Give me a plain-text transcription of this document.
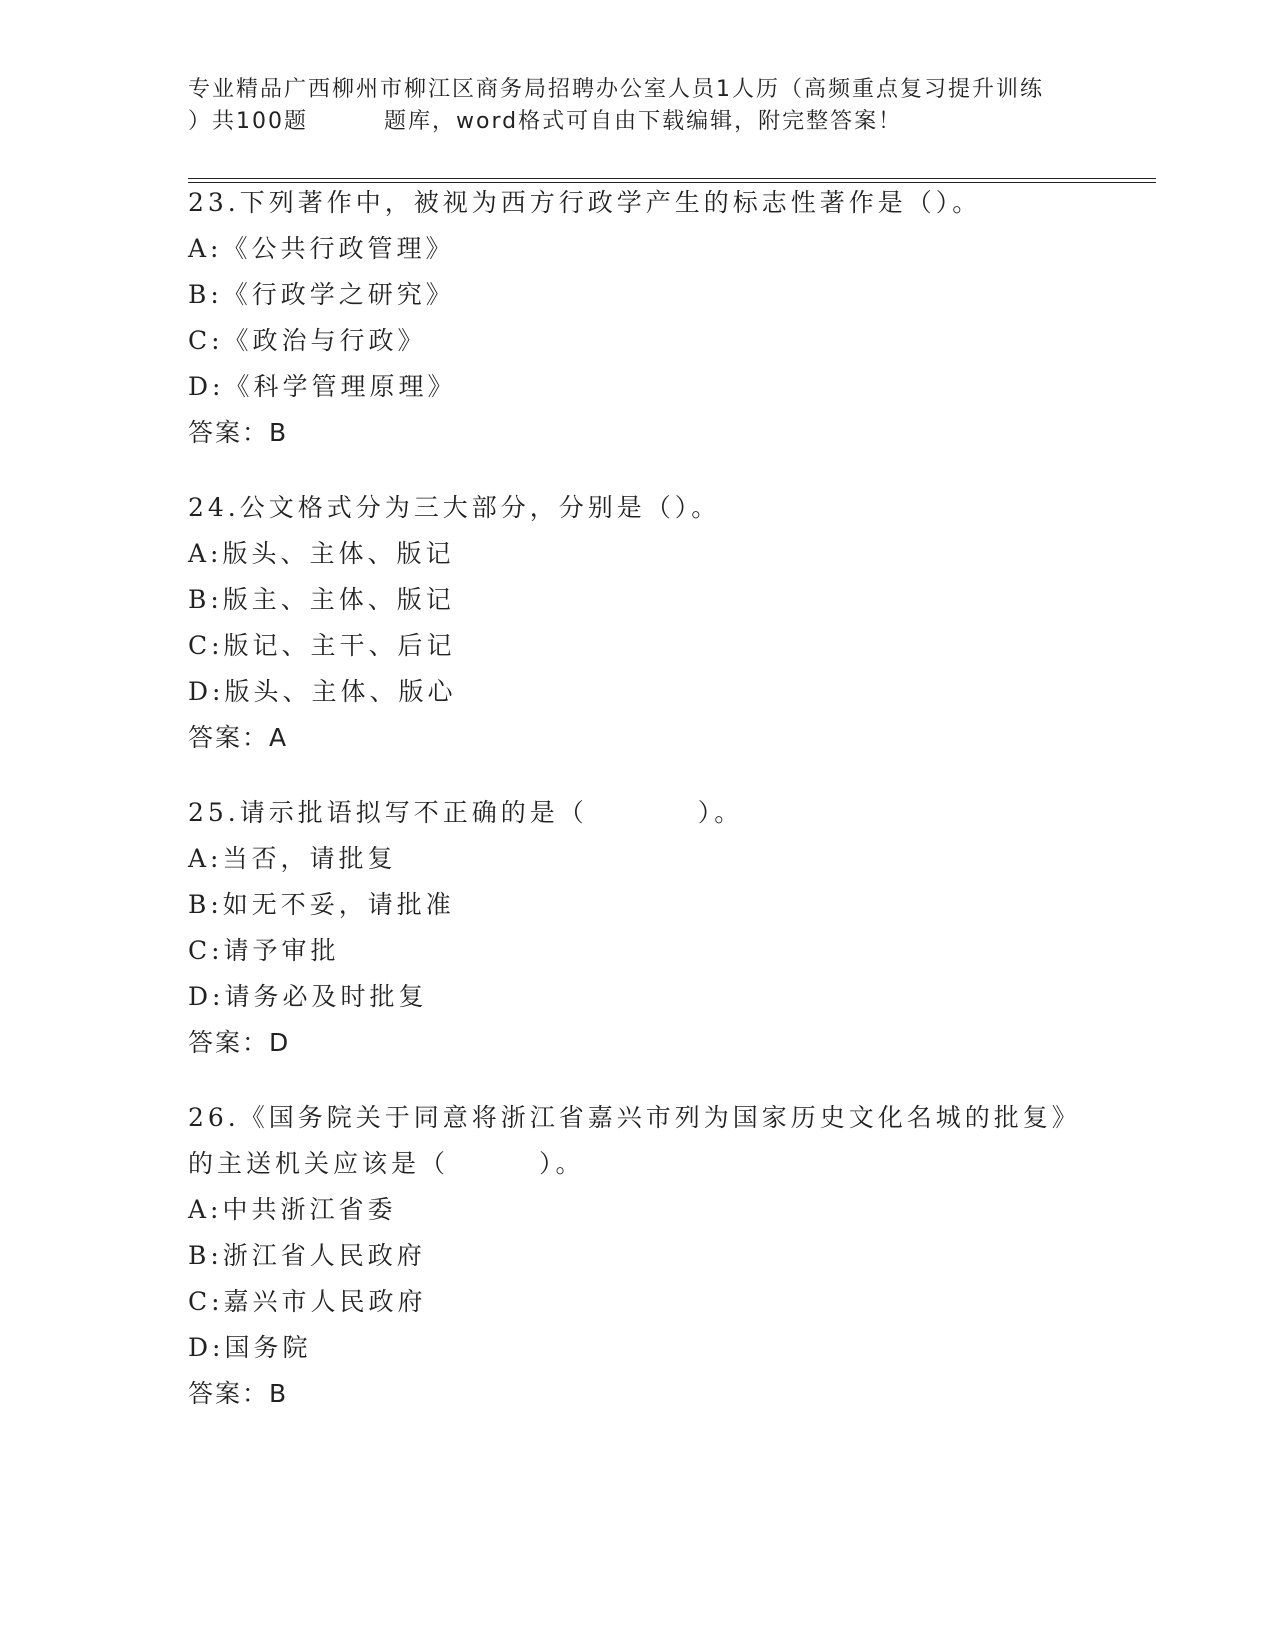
专业精品广西柳州市柳江区商务局招聘办公室人员1人历（高频重点复习提升训练
）共100题	题库，word格式可自由下载编辑，附完整答案！
23.下列著作中，被视为西方行政学产生的标志性著作是（）。
A:《公共行政管理》
B:《行政学之研究》
C:《政治与行政》
D:《科学管理原理》
答案：B
24.公文格式分为三大部分，分别是（）。
A:版头、主体、版记
B:版主、主体、版记
C:版记、主干、后记
D:版头、主体、版心
答案：A
25.请示批语拟写不正确的是（	）。
A:当否，请批复
B:如无不妥，请批准
C:请予审批
D:请务必及时批复
答案：D
26.《国务院关于同意将浙江省嘉兴市列为国家历史文化名城的批复》
的主送机关应该是（	）。
A:中共浙江省委
B:浙江省人民政府
C:嘉兴市人民政府
D:国务院
答案：B
